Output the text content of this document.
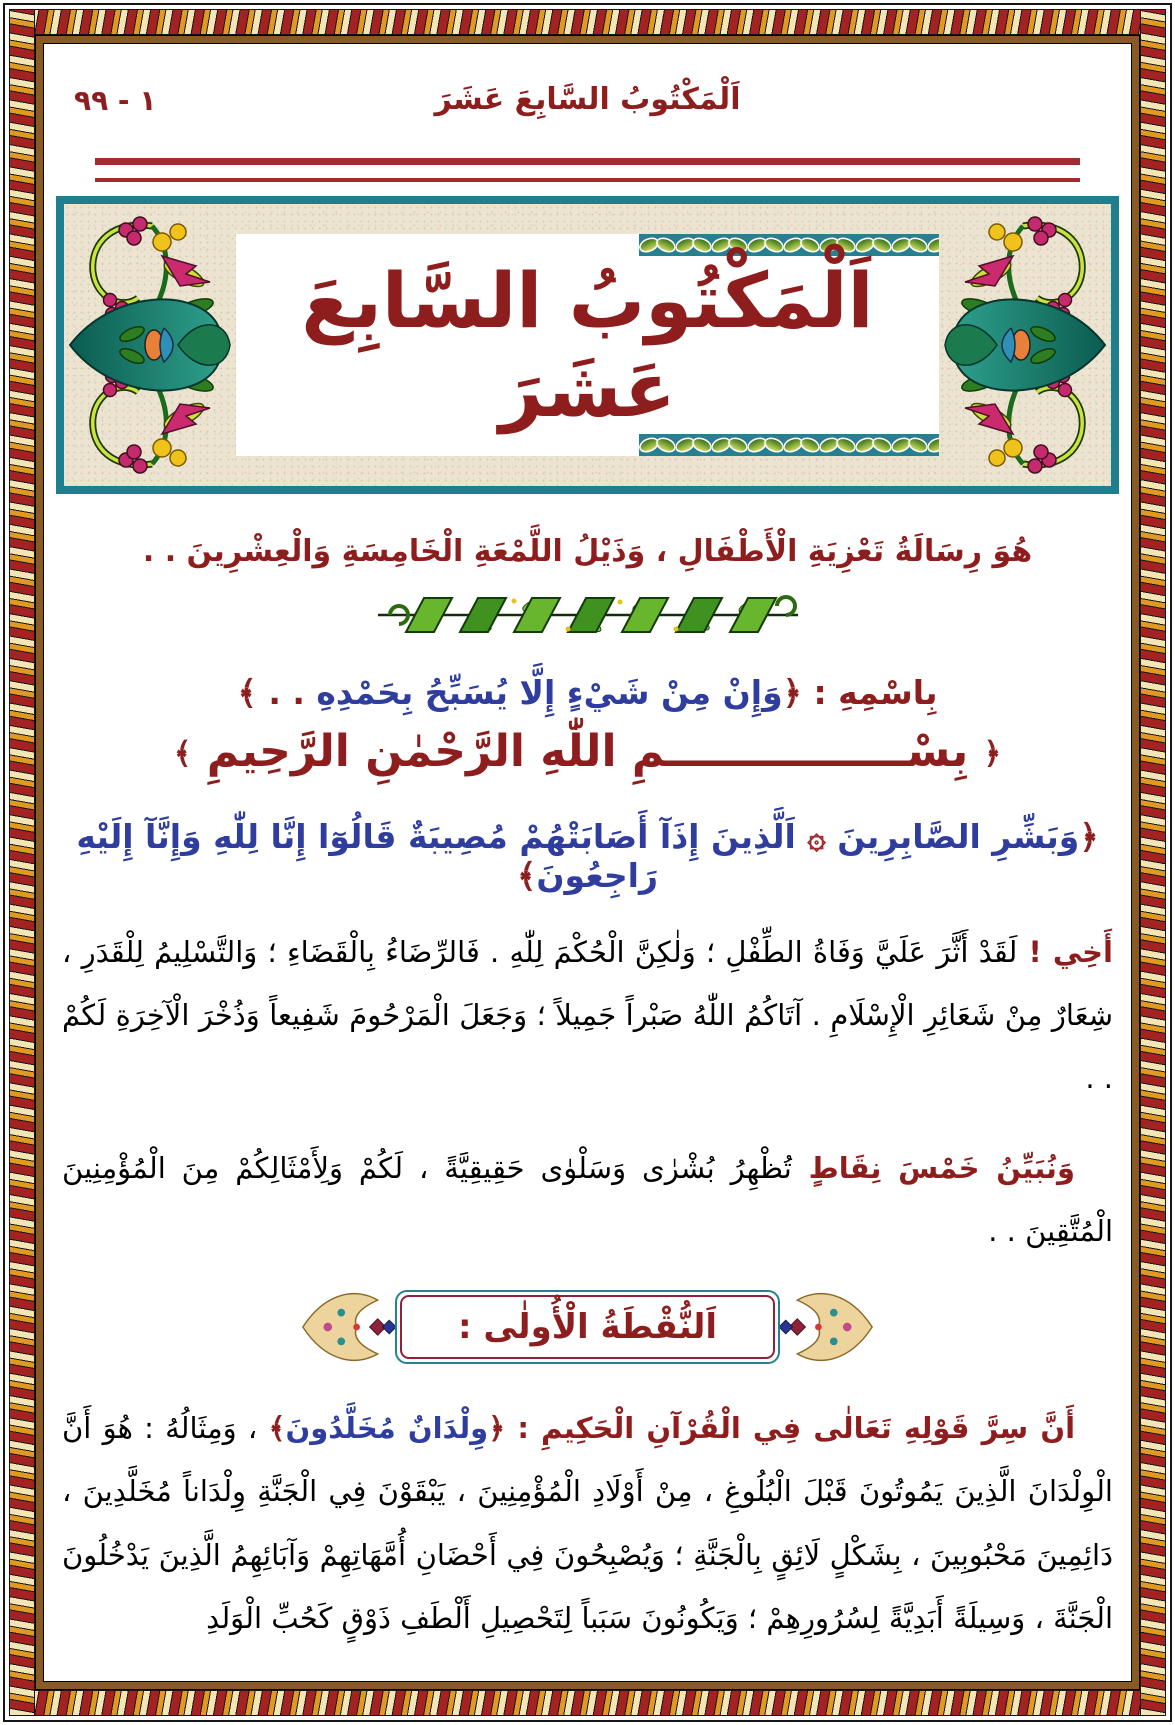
١ - ٩٩	اَلْمَكْتُوبُ السَّابِعَ عَشَرَ
اَلْمَكْتُوبُ السَّابِعَ عَشَرَ
هُوَ رِسَالَةُ تَعْزِيَةِ الْأَطْفَالِ ، وَذَيْلُ اللَّمْعَةِ الْخَامِسَةِ وَالْعِشْرِينَ . .
بِاسْمِهِ : ﴿وَإِنْ مِنْ شَيْءٍ إِلَّا يُسَبِّحُ بِحَمْدِهِ . . ﴾
﴿ بِسْــــــــــــــــمِ اللّٰهِ الرَّحْمٰنِ الرَّحِيمِ ﴾
﴿وَبَشِّرِ الصَّابِرِينَ ۞ اَلَّذِينَ إِذَآ أَصَابَتْهُمْ مُصِيبَةٌ قَالُوٓا إِنَّا لِلّٰهِ وَإِنَّآ إِلَيْهِ رَاجِعُونَ﴾

أَخِي ! لَقَدْ أَثَّرَ عَلَيَّ وَفَاةُ الطِّفْلِ ؛ وَلٰكِنَّ الْحُكْمَ لِلّٰهِ . فَالرِّضَاءُ بِالْقَضَاءِ ؛ وَالتَّسْلِيمُ لِلْقَدَرِ ، شِعَارٌ مِنْ شَعَائِرِ الْإِسْلَامِ . آتَاكُمُ اللّٰهُ صَبْراً جَمِيلاً ؛ وَجَعَلَ الْمَرْحُومَ شَفِيعاً وَذُخْرَ الْآخِرَةِ لَكُمْ . .

وَنُبَيِّنُ خَمْسَ نِقَاطٍ تُظْهِرُ بُشْرٰى وَسَلْوٰى حَقِيقِيَّةً ، لَكُمْ وَلِأَمْثَالِكُمْ مِنَ الْمُؤْمِنِينَ الْمُتَّقِينَ . .

اَلنُّقْطَةُ الْأُولٰى :

أَنَّ سِرَّ قَوْلِهِ تَعَالٰى فِي الْقُرْآنِ الْحَكِيمِ : ﴿وِلْدَانٌ مُخَلَّدُونَ﴾ ، وَمِثَالُهُ : هُوَ أَنَّ الْوِلْدَانَ الَّذِينَ يَمُوتُونَ قَبْلَ الْبُلُوغِ ، مِنْ أَوْلَادِ الْمُؤْمِنِينَ ، يَبْقَوْنَ فِي الْجَنَّةِ وِلْدَاناً مُخَلَّدِينَ ، دَائِمِينَ مَحْبُوبِينَ ، بِشَكْلٍ لَائِقٍ بِالْجَنَّةِ ؛ وَيُصْبِحُونَ فِي أَحْضَانِ أُمَّهَاتِهِمْ وَآبَائِهِمُ الَّذِينَ يَدْخُلُونَ الْجَنَّةَ ، وَسِيلَةً أَبَدِيَّةً لِسُرُورِهِمْ ؛ وَيَكُونُونَ سَبَباً لِتَحْصِيلِ أَلْطَفِ ذَوْقٍ كَحُبِّ الْوَلَدِ
